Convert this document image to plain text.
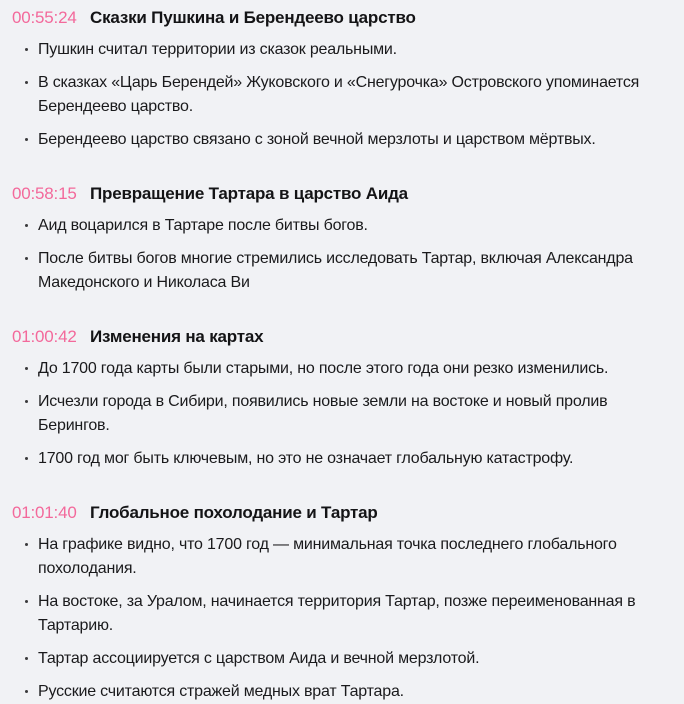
00:55:24 Сказки Пушкина и Берендеево царство
Пушкин считал территории из сказок реальными.
В сказках «Царь Берендей» Жуковского и «Снегурочка» Островского упоминается Берендеево царство.
Берендеево царство связано с зоной вечной мерзлоты и царством мёртвых.
00:58:15 Превращение Тартара в царство Аида
Аид воцарился в Тартаре после битвы богов.
После битвы богов многие стремились исследовать Тартар, включая Александра Македонского и Николаса Ви
01:00:42 Изменения на картах
До 1700 года карты были старыми, но после этого года они резко изменились.
Исчезли города в Сибири, появились новые земли на востоке и новый пролив Берингов.
1700 год мог быть ключевым, но это не означает глобальную катастрофу.
01:01:40 Глобальное похолодание и Тартар
На графике видно, что 1700 год — минимальная точка последнего глобального похолодания.
На востоке, за Уралом, начинается территория Тартар, позже переименованная в Тартарию.
Тартар ассоциируется с царством Аида и вечной мерзлотой.
Русские считаются стражей медных врат Тартара.
